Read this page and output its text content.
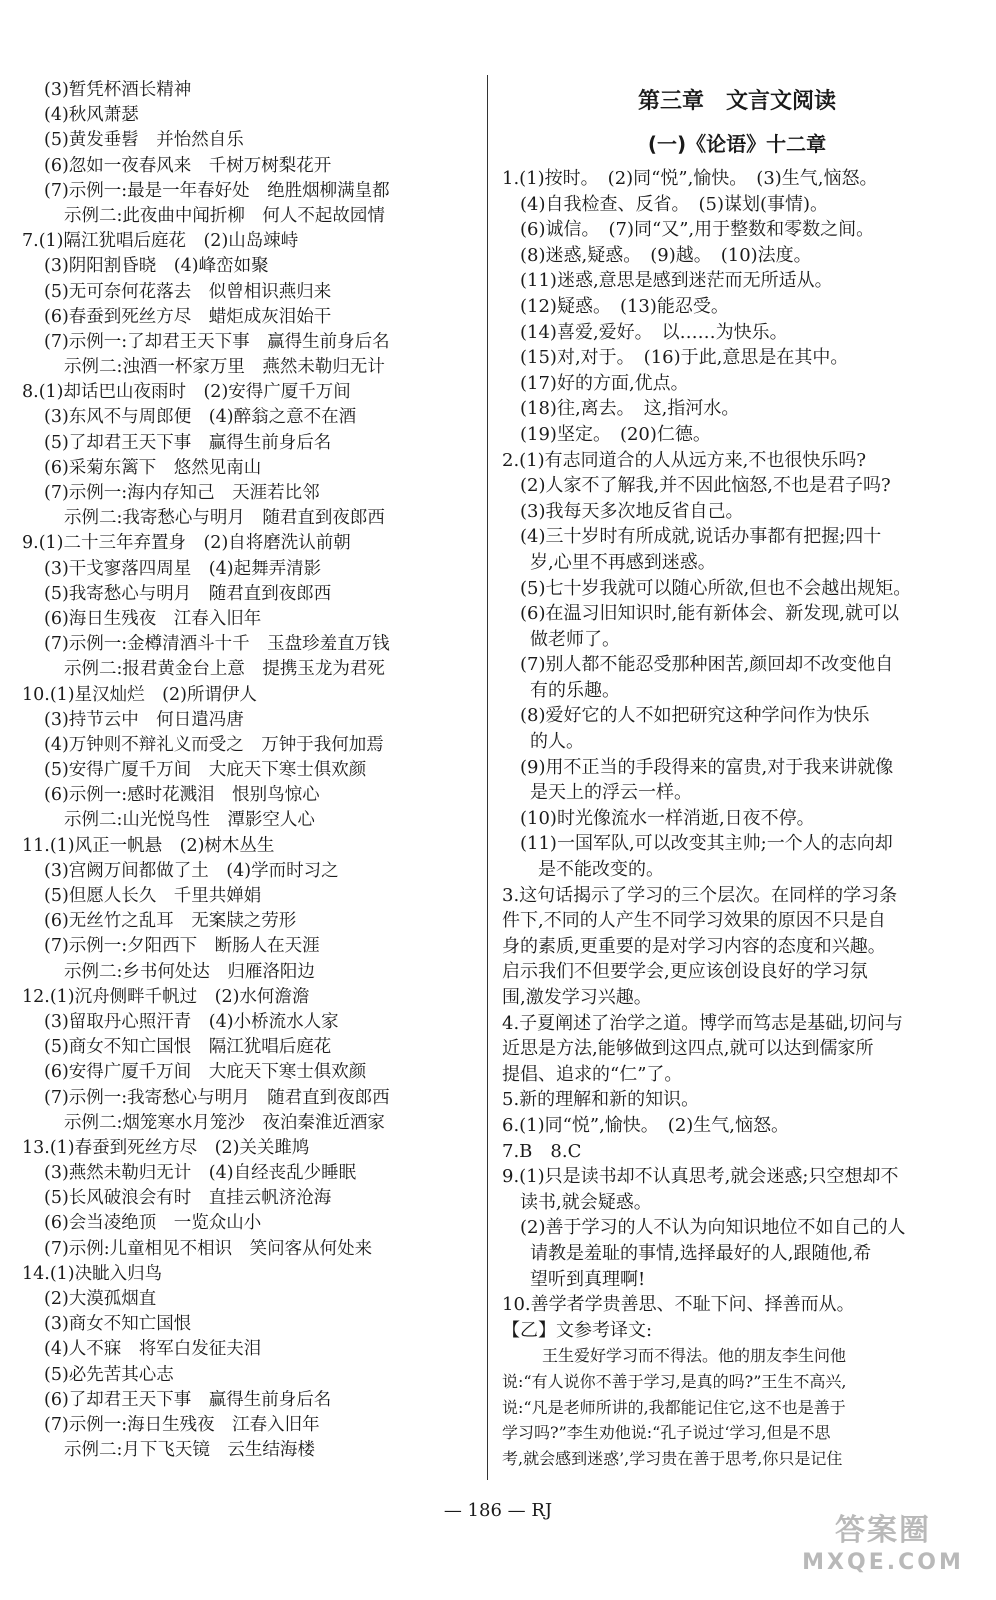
(3)暂凭杯酒长精神
(4)秋风萧瑟
(5)黄发垂髫　并怡然自乐
(6)忽如一夜春风来　千树万树梨花开
(7)示例一:最是一年春好处　绝胜烟柳满皇都
示例二:此夜曲中闻折柳　何人不起故园情
7.(1)隔江犹唱后庭花　(2)山岛竦峙
(3)阴阳割昏晓　(4)峰峦如聚
(5)无可奈何花落去　似曾相识燕归来
(6)春蚕到死丝方尽　蜡炬成灰泪始干
(7)示例一:了却君王天下事　赢得生前身后名
示例二:浊酒一杯家万里　燕然未勒归无计
8.(1)却话巴山夜雨时　(2)安得广厦千万间
(3)东风不与周郎便　(4)醉翁之意不在酒
(5)了却君王天下事　赢得生前身后名
(6)采菊东篱下　悠然见南山
(7)示例一:海内存知己　天涯若比邻
示例二:我寄愁心与明月　随君直到夜郎西
9.(1)二十三年弃置身　(2)自将磨洗认前朝
(3)干戈寥落四周星　(4)起舞弄清影
(5)我寄愁心与明月　随君直到夜郎西
(6)海日生残夜　江春入旧年
(7)示例一:金樽清酒斗十千　玉盘珍羞直万钱
示例二:报君黄金台上意　提携玉龙为君死
10.(1)星汉灿烂　(2)所谓伊人
(3)持节云中　何日遣冯唐
(4)万钟则不辩礼义而受之　万钟于我何加焉
(5)安得广厦千万间　大庇天下寒士俱欢颜
(6)示例一:感时花溅泪　恨别鸟惊心
示例二:山光悦鸟性　潭影空人心
11.(1)风正一帆悬　(2)树木丛生
(3)宫阙万间都做了土　(4)学而时习之
(5)但愿人长久　千里共婵娟
(6)无丝竹之乱耳　无案牍之劳形
(7)示例一:夕阳西下　断肠人在天涯
示例二:乡书何处达　归雁洛阳边
12.(1)沉舟侧畔千帆过　(2)水何澹澹
(3)留取丹心照汗青　(4)小桥流水人家
(5)商女不知亡国恨　隔江犹唱后庭花
(6)安得广厦千万间　大庇天下寒士俱欢颜
(7)示例一:我寄愁心与明月　随君直到夜郎西
示例二:烟笼寒水月笼沙　夜泊秦淮近酒家
13.(1)春蚕到死丝方尽　(2)关关雎鸠
(3)燕然未勒归无计　(4)自经丧乱少睡眠
(5)长风破浪会有时　直挂云帆济沧海
(6)会当凌绝顶　一览众山小
(7)示例:儿童相见不相识　笑问客从何处来
14.(1)决眦入归鸟
(2)大漠孤烟直
(3)商女不知亡国恨
(4)人不寐　将军白发征夫泪
(5)必先苦其心志
(6)了却君王天下事　赢得生前身后名
(7)示例一:海日生残夜　江春入旧年
示例二:月下飞天镜　云生结海楼
第三章　文言文阅读
(一)《论语》十二章
1.(1)按时。　(2)同“悦”,愉快。　(3)生气,恼怒。
(4)自我检查、反省。　(5)谋划(事情)。
(6)诚信。　(7)同“又”,用于整数和零数之间。
(8)迷惑,疑惑。　(9)越。　(10)法度。
(11)迷惑,意思是感到迷茫而无所适从。
(12)疑惑。　(13)能忍受。
(14)喜爱,爱好。　以……为快乐。
(15)对,对于。　(16)于此,意思是在其中。
(17)好的方面,优点。
(18)往,离去。　这,指河水。
(19)坚定。　(20)仁德。
2.(1)有志同道合的人从远方来,不也很快乐吗?
(2)人家不了解我,并不因此恼怒,不也是君子吗?
(3)我每天多次地反省自己。
(4)三十岁时有所成就,说话办事都有把握;四十
岁,心里不再感到迷惑。
(5)七十岁我就可以随心所欲,但也不会越出规矩。
(6)在温习旧知识时,能有新体会、新发现,就可以
做老师了。
(7)别人都不能忍受那种困苦,颜回却不改变他自
有的乐趣。
(8)爱好它的人不如把研究这种学问作为快乐
的人。
(9)用不正当的手段得来的富贵,对于我来讲就像
是天上的浮云一样。
(10)时光像流水一样消逝,日夜不停。
(11)一国军队,可以改变其主帅;一个人的志向却
是不能改变的。
3.这句话揭示了学习的三个层次。在同样的学习条
件下,不同的人产生不同学习效果的原因不只是自
身的素质,更重要的是对学习内容的态度和兴趣。
启示我们不但要学会,更应该创设良好的学习氛
围,激发学习兴趣。
4.子夏阐述了治学之道。博学而笃志是基础,切问与
近思是方法,能够做到这四点,就可以达到儒家所
提倡、追求的“仁”了。
5.新的理解和新的知识。
6.(1)同“悦”,愉快。　(2)生气,恼怒。
7.B　8.C
9.(1)只是读书却不认真思考,就会迷惑;只空想却不
读书,就会疑惑。
(2)善于学习的人不认为向知识地位不如自己的人
请教是羞耻的事情,选择最好的人,跟随他,希
望听到真理啊!
10.善学者学贵善思、不耻下问、择善而从。
【乙】文参考译文:
王生爱好学习而不得法。他的朋友李生问他
说:“有人说你不善于学习,是真的吗?”王生不高兴,
说:“凡是老师所讲的,我都能记住它,这不也是善于
学习吗?”李生劝他说:“孔子说过‘学习,但是不思
考,就会感到迷惑’,学习贵在善于思考,你只是记住
— 186 — RJ
答案圈
MXQE.COM
